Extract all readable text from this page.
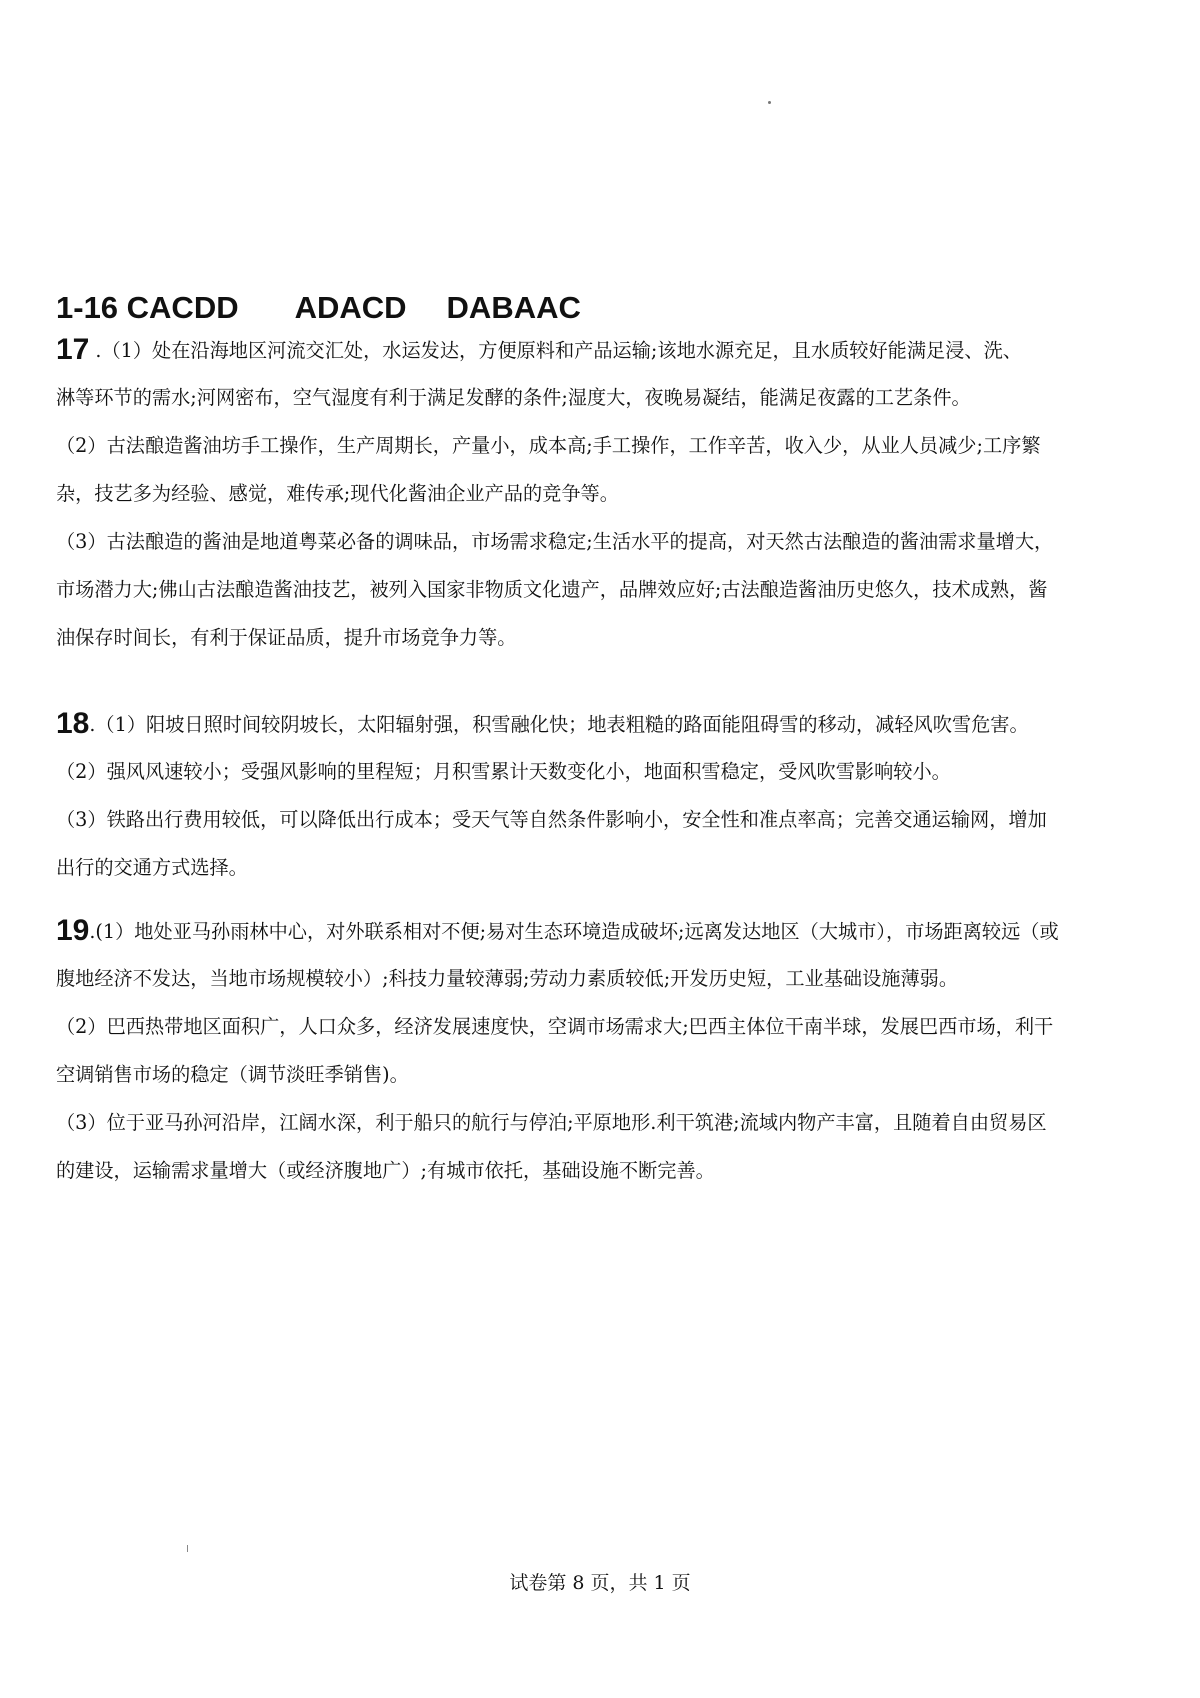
1-16 CACDD ADACD DABAAC
17 .（1）处在沿海地区河流交汇处，水运发达，方便原料和产品运输;该地水源充足，且水质较好能满足浸、洗、
淋等环节的需水;河网密布，空气湿度有利于满足发酵的条件;湿度大，夜晚易凝结，能满足夜露的工艺条件。
（2）古法酿造酱油坊手工操作，生产周期长，产量小，成本高;手工操作，工作辛苦，收入少，从业人员减少;工序繁
杂，技艺多为经验、感觉，难传承;现代化酱油企业产品的竞争等。
（3）古法酿造的酱油是地道粤菜必备的调味品，市场需求稳定;生活水平的提高，对天然古法酿造的酱油需求量增大，
市场潜力大;佛山古法酿造酱油技艺，被列入国家非物质文化遗产，品牌效应好;古法酿造酱油历史悠久，技术成熟，酱
油保存时间长，有利于保证品质，提升市场竞争力等。
18.（1）阳坡日照时间较阴坡长，太阳辐射强，积雪融化快；地表粗糙的路面能阻碍雪的移动，减轻风吹雪危害。
（2）强风风速较小；受强风影响的里程短；月积雪累计天数变化小，地面积雪稳定，受风吹雪影响较小。
（3）铁路出行费用较低，可以降低出行成本；受天气等自然条件影响小，安全性和准点率高；完善交通运输网，增加
出行的交通方式选择。
19.(1）地处亚马孙雨林中心，对外联系相对不便;易对生态环境造成破坏;远离发达地区（大城市），市场距离较远（或
腹地经济不发达，当地市场规模较小）;科技力量较薄弱;劳动力素质较低;开发历史短，工业基础设施薄弱。
（2）巴西热带地区面积广，人口众多，经济发展速度快，空调市场需求大;巴西主体位干南半球，发展巴西市场，利干
空调销售市场的稳定（调节淡旺季销售)。
（3）位于亚马孙河沿岸，江阔水深，利于船只的航行与停泊;平原地形.利干筑港;流域内物产丰富，且随着自由贸易区
的建设，运输需求量增大（或经济腹地广）;有城市依托，基础设施不断完善。
试卷第 8 页，共 1 页
